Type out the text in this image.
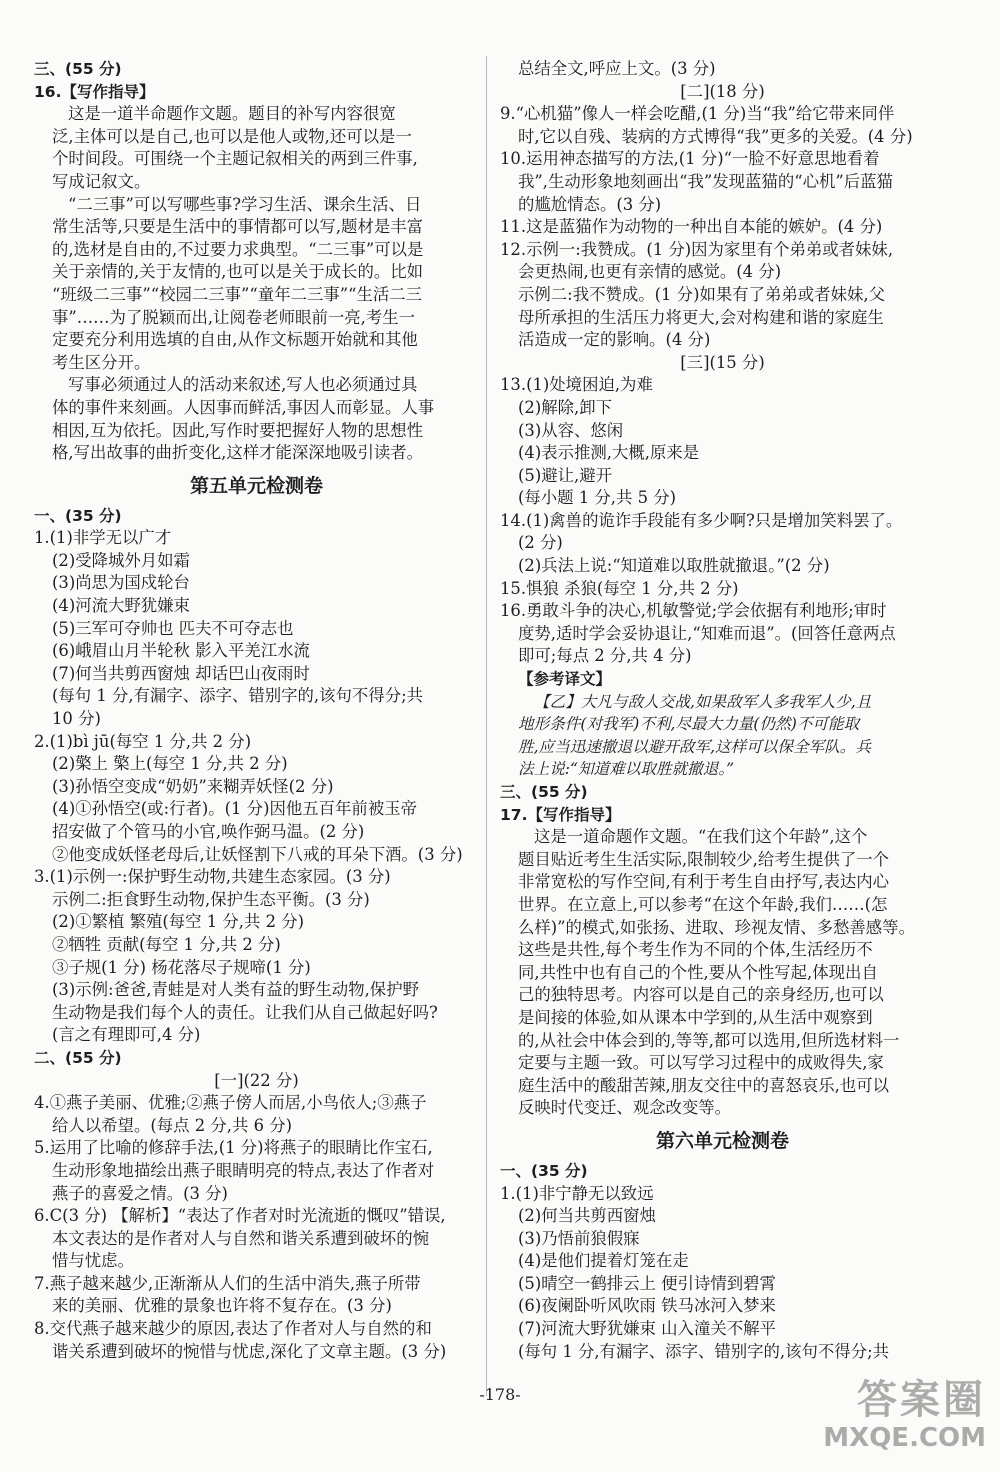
三、(55 分)
16.【写作指导】
这是一道半命题作文题。题目的补写内容很宽
泛,主体可以是自己,也可以是他人或物,还可以是一
个时间段。可围绕一个主题记叙相关的两到三件事,
写成记叙文。
“二三事”可以写哪些事?学习生活、课余生活、日
常生活等,只要是生活中的事情都可以写,题材是丰富
的,选材是自由的,不过要力求典型。“二三事”可以是
关于亲情的,关于友情的,也可以是关于成长的。比如
“班级二三事”“校园二三事”“童年二三事”“生活二三
事”……为了脱颖而出,让阅卷老师眼前一亮,考生一
定要充分利用选填的自由,从作文标题开始就和其他
考生区分开。
写事必须通过人的活动来叙述,写人也必须通过具
体的事件来刻画。人因事而鲜活,事因人而彰显。人事
相因,互为依托。因此,写作时要把握好人物的思想性
格,写出故事的曲折变化,这样才能深深地吸引读者。
第五单元检测卷
一、(35 分)
1.(1)非学无以广才
(2)受降城外月如霜
(3)尚思为国戍轮台
(4)河流大野犹嫌束
(5)三军可夺帅也 匹夫不可夺志也
(6)峨眉山月半轮秋 影入平羌江水流
(7)何当共剪西窗烛 却话巴山夜雨时
(每句 1 分,有漏字、添字、错别字的,该句不得分;共
10 分)
2.(1)bì jū(每空 1 分,共 2 分)
(2)檠上 檠上(每空 1 分,共 2 分)
(3)孙悟空变成“奶奶”来糊弄妖怪(2 分)
(4)①孙悟空(或:行者)。(1 分)因他五百年前被玉帝
招安做了个管马的小官,唤作弼马温。(2 分)
②他变成妖怪老母后,让妖怪割下八戒的耳朵下酒。(3 分)
3.(1)示例一:保护野生动物,共建生态家园。(3 分)
示例二:拒食野生动物,保护生态平衡。(3 分)
(2)①繁植 繁殖(每空 1 分,共 2 分)
②牺牲 贡献(每空 1 分,共 2 分)
③子规(1 分) 杨花落尽子规啼(1 分)
(3)示例:爸爸,青蛙是对人类有益的野生动物,保护野
生动物是我们每个人的责任。让我们从自己做起好吗?
(言之有理即可,4 分)
二、(55 分)
[一](22 分)
4.①燕子美丽、优雅;②燕子傍人而居,小鸟依人;③燕子
给人以希望。(每点 2 分,共 6 分)
5.运用了比喻的修辞手法,(1 分)将燕子的眼睛比作宝石,
生动形象地描绘出燕子眼睛明亮的特点,表达了作者对
燕子的喜爱之情。(3 分)
6.C(3 分) 【解析】“表达了作者对时光流逝的慨叹”错误,
本文表达的是作者对人与自然和谐关系遭到破坏的惋
惜与忧虑。
7.燕子越来越少,正渐渐从人们的生活中消失,燕子所带
来的美丽、优雅的景象也许将不复存在。(3 分)
8.交代燕子越来越少的原因,表达了作者对人与自然的和
谐关系遭到破坏的惋惜与忧虑,深化了文章主题。(3 分)
总结全文,呼应上文。(3 分)
[二](18 分)
9.“心机猫”像人一样会吃醋,(1 分)当“我”给它带来同伴
时,它以自残、装病的方式博得“我”更多的关爱。(4 分)
10.运用神态描写的方法,(1 分)“一脸不好意思地看着
我”,生动形象地刻画出“我”发现蓝猫的“心机”后蓝猫
的尴尬情态。(3 分)
11.这是蓝猫作为动物的一种出自本能的嫉妒。(4 分)
12.示例一:我赞成。(1 分)因为家里有个弟弟或者妹妹,
会更热闹,也更有亲情的感觉。(4 分)
示例二:我不赞成。(1 分)如果有了弟弟或者妹妹,父
母所承担的生活压力将更大,会对构建和谐的家庭生
活造成一定的影响。(4 分)
[三](15 分)
13.(1)处境困迫,为难
(2)解除,卸下
(3)从容、悠闲
(4)表示推测,大概,原来是
(5)避让,避开
(每小题 1 分,共 5 分)
14.(1)禽兽的诡诈手段能有多少啊?只是增加笑料罢了。
(2 分)
(2)兵法上说:“知道难以取胜就撤退。”(2 分)
15.惧狼 杀狼(每空 1 分,共 2 分)
16.勇敢斗争的决心,机敏警觉;学会依据有利地形;审时
度势,适时学会妥协退让,“知难而退”。(回答任意两点
即可;每点 2 分,共 4 分)
【参考译文】
【乙】大凡与敌人交战,如果敌军人多我军人少,且
地形条件(对我军)不利,尽最大力量(仍然)不可能取
胜,应当迅速撤退以避开敌军,这样可以保全军队。兵
法上说:“知道难以取胜就撤退。”
三、(55 分)
17.【写作指导】
这是一道命题作文题。“在我们这个年龄”,这个
题目贴近考生生活实际,限制较少,给考生提供了一个
非常宽松的写作空间,有利于考生自由抒写,表达内心
世界。在立意上,可以参考“在这个年龄,我们……(怎
么样)”的模式,如张扬、进取、珍视友情、多愁善感等。
这些是共性,每个考生作为不同的个体,生活经历不
同,共性中也有自己的个性,要从个性写起,体现出自
己的独特思考。内容可以是自己的亲身经历,也可以
是间接的体验,如从课本中学到的,从生活中观察到
的,从社会中体会到的,等等,都可以选用,但所选材料一
定要与主题一致。可以写学习过程中的成败得失,家
庭生活中的酸甜苦辣,朋友交往中的喜怒哀乐,也可以
反映时代变迁、观念改变等。
第六单元检测卷
一、(35 分)
1.(1)非宁静无以致远
(2)何当共剪西窗烛
(3)乃悟前狼假寐
(4)是他们提着灯笼在走
(5)晴空一鹤排云上 便引诗情到碧霄
(6)夜阑卧听风吹雨 铁马冰河入梦来
(7)河流大野犹嫌束 山入潼关不解平
(每句 1 分,有漏字、添字、错别字的,该句不得分;共
-178-	答案圈
MXQE.COM
